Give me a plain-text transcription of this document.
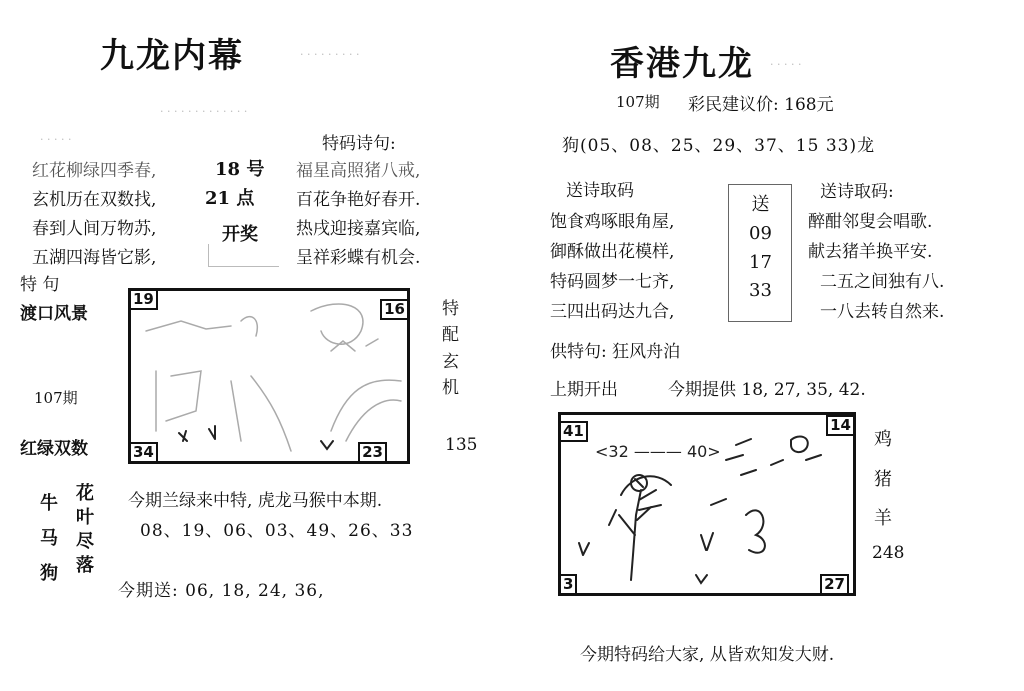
九龙内幕	· · · · · · · · ·
· · · · · · · · · · · · ·
· · · · ·	特码诗句:
红花柳绿四季春,
玄机历在双数找,
春到人间万物苏,
五湖四海皆它影,
18 号
21 点
开奖
福星高照猪八戒,
百花争艳好春开.
热戌迎接嘉宾临,
呈祥彩蝶有机会.
特 句
渡口风景
107期
红绿双数
19
16
34	23
特
配
玄
机
135
牛
马
狗
花
叶
尽
落
今期兰绿来中特, 虎龙马猴中本期.
08、19、06、03、49、26、33
今期送: 06, 18, 24, 36,
香港九龙 · · · · ·
107期 彩民建议价: 168元
狗(05、08、25、29、37、15 33)龙
送诗取码	送诗取码:
饱食鸡啄眼角屋,
御酥做出花模样,
特码圆梦一七齐,
三四出码达九合,
送
09
17
33
醉酣邻叟会唱歌.
献去猪羊换平安.
二五之间独有八.
一八去转自然来.
供特句: 狂风舟泊
上期开出	今期提供 18, 27, 35, 42.
<32 ——— 40>
41	14
3	27
鸡
猪
羊
248
今期特码给大家, 从皆欢知发大财.
